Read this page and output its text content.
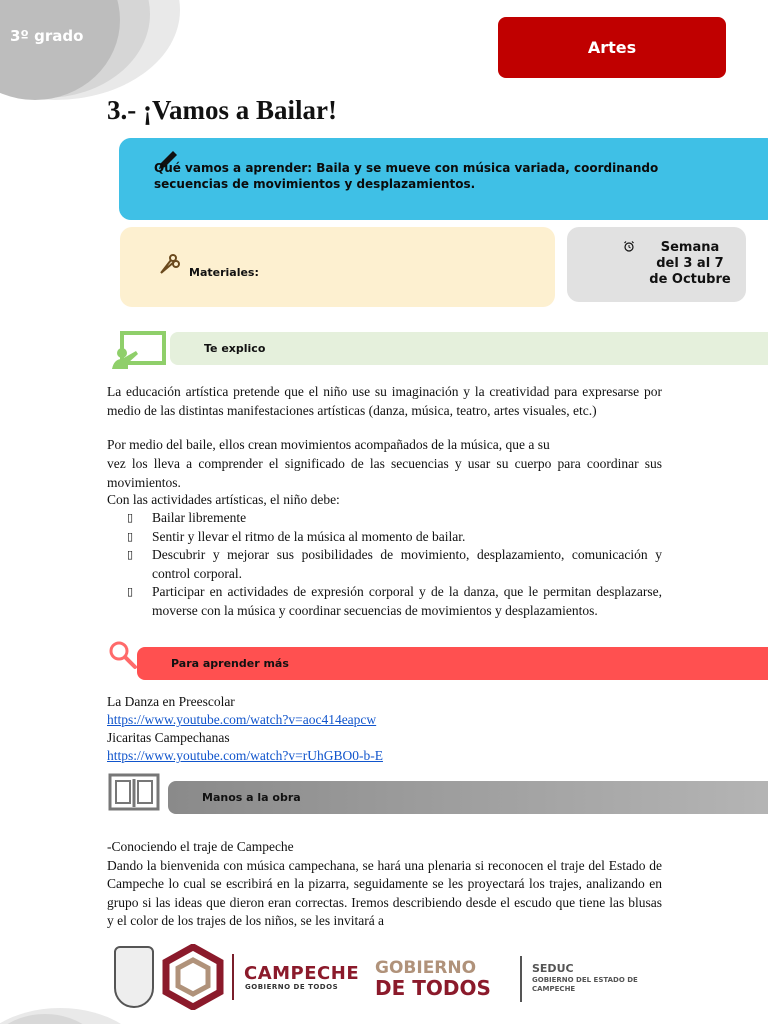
3º grado
Artes
3.- ¡Vamos a Bailar!
Qué vamos a aprender: Baila y se mueve con música variada, coordinando secuencias de movimientos y desplazamientos.
Materiales:
Semana
del 3 al 7
de Octubre
Te explico
La educación artística pretende que el niño use su imaginación y la creatividad para expresarse por medio de las distintas manifestaciones artísticas (danza, música, teatro, artes visuales, etc.)
Por medio del baile, ellos crean movimientos acompañados de la música, que a su
vez los lleva a comprender el significado de las secuencias y usar su cuerpo para coordinar sus movimientos.
Con las actividades artísticas, el niño debe:
▯ Bailar libremente
▯ Sentir y llevar el ritmo de la música al momento de bailar.
▯ Descubrir y mejorar sus posibilidades de movimiento, desplazamiento, comunicación y control corporal.
▯ Participar en actividades de expresión corporal y de la danza, que le permitan desplazarse, moverse con la música y coordinar secuencias de movimientos y desplazamientos.
Para aprender más
La Danza en Preescolar
https://www.youtube.com/watch?v=aoc414eapcw
Jicaritas Campechanas
https://www.youtube.com/watch?v=rUhGBO0-b-E
Manos a la obra
-Conociendo el traje de Campeche
Dando la bienvenida con música campechana, se hará una plenaria si reconocen el traje del Estado de Campeche lo cual se escribirá en la pizarra, seguidamente se les proyectará los trajes, analizando en grupo si las ideas que dieron eran correctas. Iremos describiendo desde el escudo que tiene las blusas y el color de los trajes de los niños, se les invitará a
CAMPECHE
GOBIERNO DE TODOS
GOBIERNO
DE TODOS
SEDUC
GOBIERNO DEL ESTADO DE CAMPECHE
